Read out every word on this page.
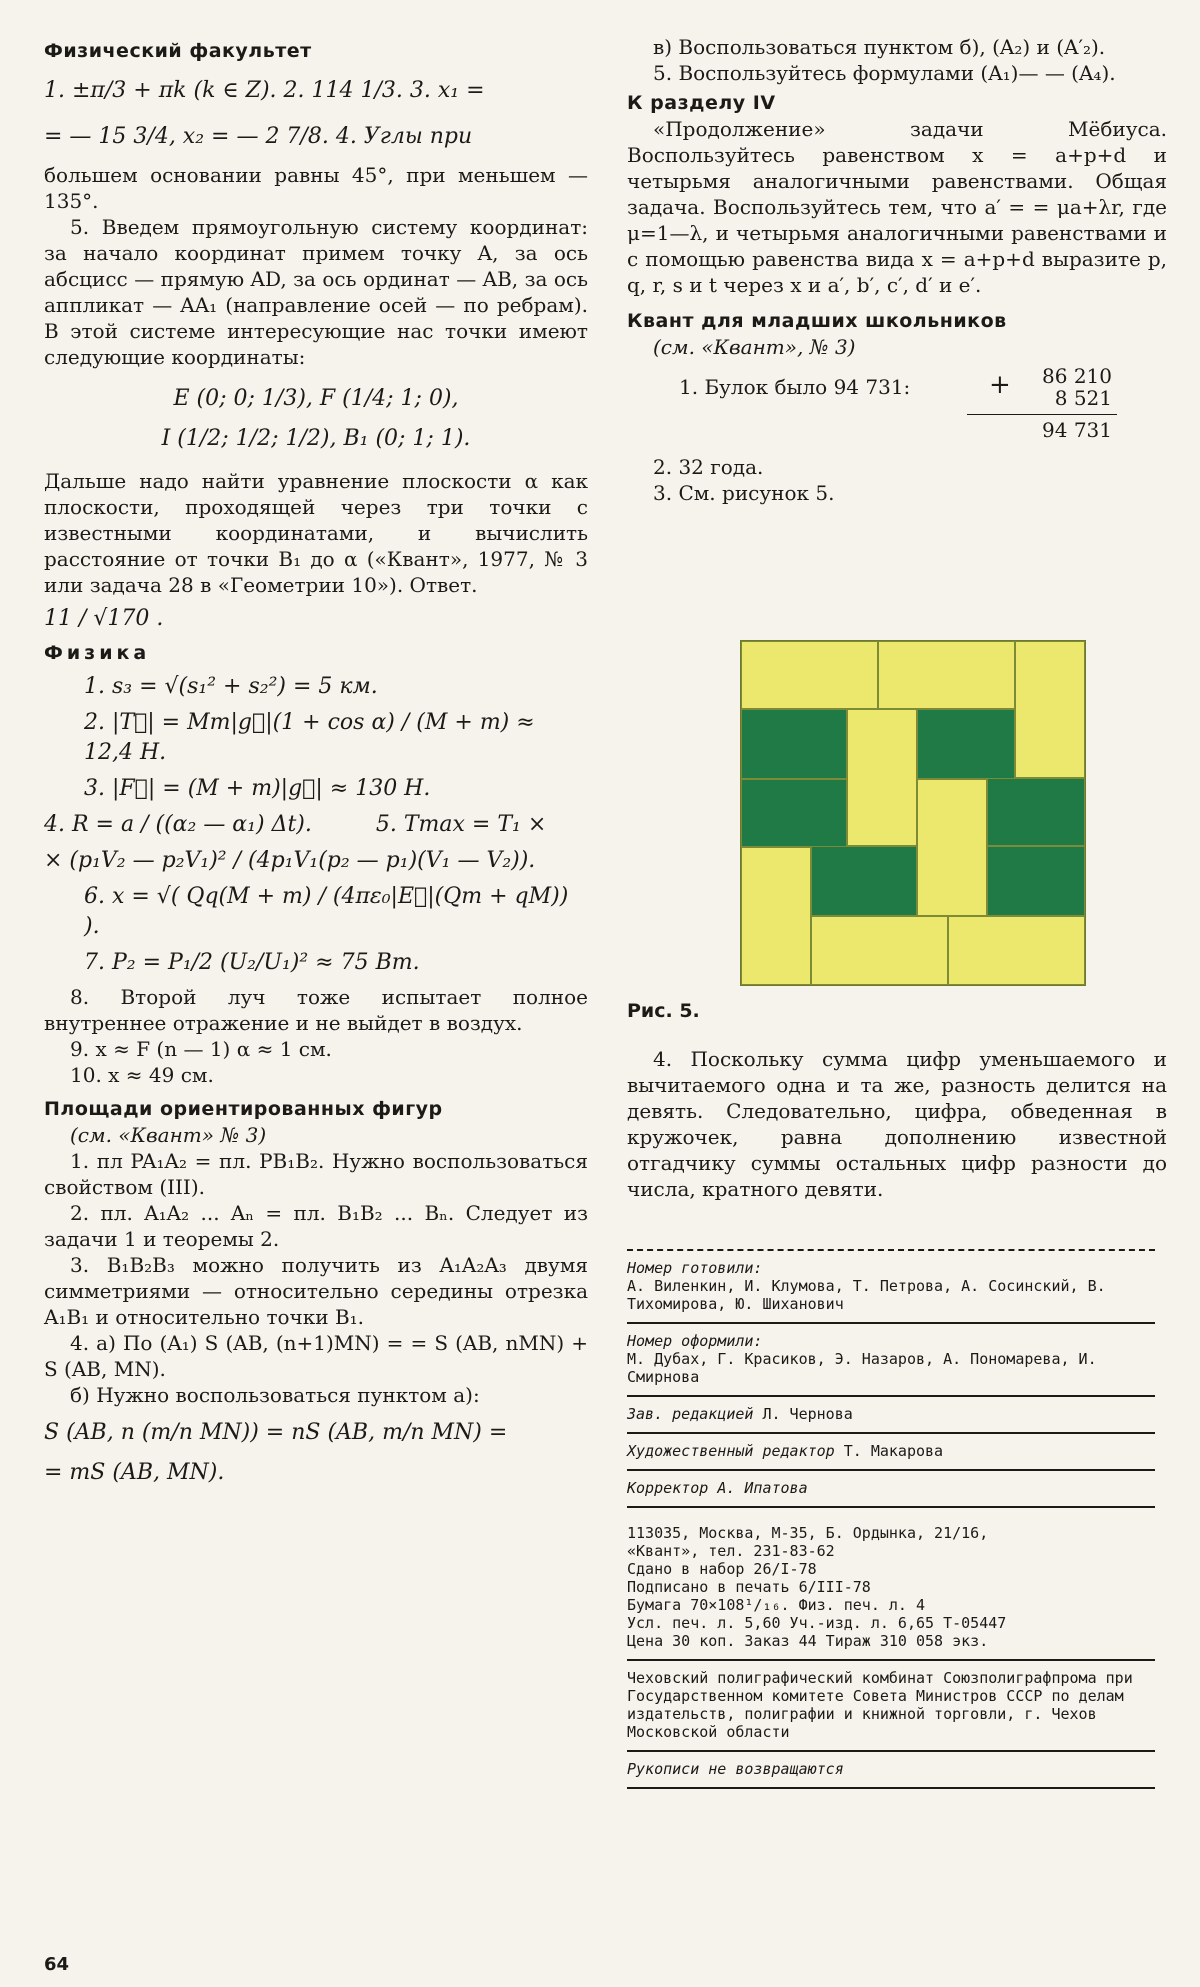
Физический факультет

1. ±π/3 + πk (k ∈ Z). 2. 114 1/3. 3. x₁ =

= — 15 3/4, x₂ = — 2 7/8. 4. Углы при

большем основании равны 45°, при меньшем — 135°.

5. Введем прямоугольную систему координат: за начало координат примем точку A, за ось абсцисс — прямую AD, за ось ординат — AB, за ось аппликат — AA₁ (направление осей — по ребрам). В этой системе интересующие нас точки имеют следующие координаты:

E (0; 0; 1/3), F (1/4; 1; 0),

I (1/2; 1/2; 1/2), B₁ (0; 1; 1).

Дальше надо найти уравнение плоскости α как плоскости, проходящей через три точки с известными координатами, и вычислить расстояние от точки B₁ до α («Квант», 1977, № 3 или задача 28 в «Геометрии 10»). Ответ.

11 / √170 .

Физика

1. s₃ = √(s₁² + s₂²) = 5 км.

2. |T⃗| = Mm|g⃗|(1 + cos α) / (M + m) ≈ 12,4 Н.

3. |F⃗| = (M + m)|g⃗| ≈ 130 Н.

4. R = a / ((α₂ — α₁) Δt).	5. Tmax = T₁ ×

× (p₁V₂ — p₂V₁)² / (4p₁V₁(p₂ — p₁)(V₁ — V₂)).

6. x = √( Qq(M + m) / (4πε₀|E⃗|(Qm + qM)) ).

7. P₂ = P₁/2 (U₂/U₁)² ≈ 75 Вт.

8. Второй луч тоже испытает полное внутреннее отражение и не выйдет в воздух.

9. x ≈ F (n — 1) α ≈ 1 см.

10. x ≈ 49 см.

Площади ориентированных фигур

(см. «Квант» № 3)

1. пл PA₁A₂ = пл. PB₁B₂. Нужно воспользоваться свойством (III).

2. пл. A₁A₂ ... Aₙ = пл. B₁B₂ ... Bₙ. Следует из задачи 1 и теоремы 2.

3. B₁B₂B₃ можно получить из A₁A₂A₃ двумя симметриями — относительно середины отрезка A₁B₁ и относительно точки B₁.

4. а) По (A₁) S (AB, (n+1)MN) = = S (AB, nMN) + S (AB, MN).

б) Нужно воспользоваться пунктом а):

S (AB, n (m/n MN)) = nS (AB, m/n MN) =

= mS (AB, MN).

в) Воспользоваться пунктом б), (A₂) и (A′₂).

5. Воспользуйтесь формулами (A₁)— — (A₄).

К разделу IV

«Продолжение» задачи Мёбиуса. Воспользуйтесь равенством x = a+p+d и четырьмя аналогичными равенствами. Общая задача. Воспользуйтесь тем, что a′ = = μa+λr, где μ=1—λ, и четырьмя аналогичными равенствами и с помощью равенства вида x = a+p+d выразите p, q, r, s и t через x и a′, b′, c′, d′ и e′.

Квант для младших школьников

(см. «Квант», № 3)

1. Булок было 94 731:	+ 86 210
8 521
94 731

2. 32 года.

3. См. рисунок 5.

Рис. 5.

4. Поскольку сумма цифр уменьшаемого и вычитаемого одна и та же, разность делится на девять. Следовательно, цифра, обведенная в кружочек, равна дополнению известной отгадчику суммы остальных цифр разности до числа, кратного девяти.

Номер готовили:

А. Виленкин, И. Клумова, Т. Петрова, А. Сосинский, В. Тихомирова, Ю. Шиханович

Номер оформили:

М. Дубах, Г. Красиков, Э. Назаров, А. Пономарева, И. Смирнова

Зав. редакцией Л. Чернова

Художественный редактор Т. Макарова

Корректор А. Ипатова

113035, Москва, М-35, Б. Ордынка, 21/16,

«Квант», тел. 231-83-62

Сдано в набор 26/I-78

Подписано в печать 6/III-78

Бумага 70×108¹/₁₆. Физ. печ. л. 4

Усл. печ. л. 5,60 Уч.-изд. л. 6,65 Т-05447

Цена 30 коп. Заказ 44 Тираж 310 058 экз.

Чеховский полиграфический комбинат Союзполиграфпрома при Государственном комитете Совета Министров СССР по делам издательств, полиграфии и книжной торговли, г. Чехов Московской области

Рукописи не возвращаются

64
